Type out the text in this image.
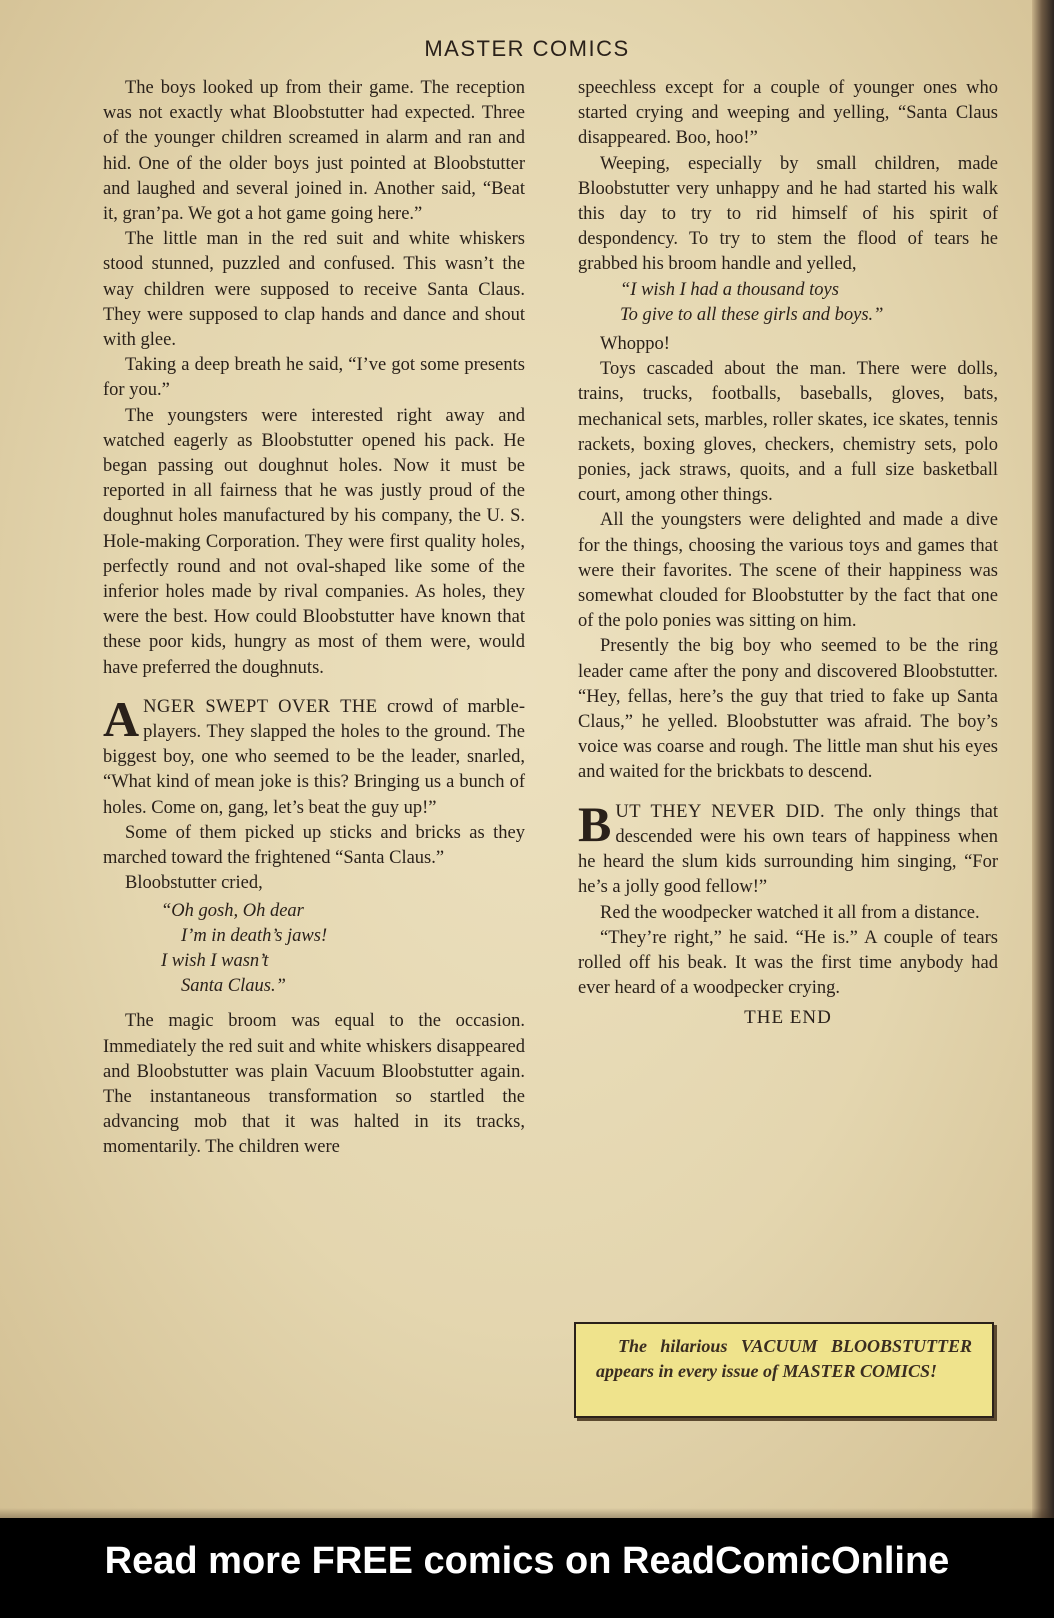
MASTER COMICS

The boys looked up from their game. The reception was not exactly what Bloobstutter had expected. Three of the younger children screamed in alarm and ran and hid. One of the older boys just pointed at Bloobstutter and laughed and several joined in. Another said, “Beat it, gran’pa. We got a hot game going here.”

The little man in the red suit and white whiskers stood stunned, puzzled and confused. This wasn’t the way children were supposed to receive Santa Claus. They were supposed to clap hands and dance and shout with glee.

Taking a deep breath he said, “I’ve got some presents for you.”

The youngsters were interested right away and watched eagerly as Bloobstutter opened his pack. He began passing out doughnut holes. Now it must be reported in all fairness that he was justly proud of the doughnut holes manufactured by his company, the U. S. Hole-making Corporation. They were first quality holes, perfectly round and not oval-shaped like some of the inferior holes made by rival companies. As holes, they were the best. How could Bloobstutter have known that these poor kids, hungry as most of them were, would have preferred the doughnuts.

ANGER SWEPT OVER THE crowd of marble-players. They slapped the holes to the ground. The biggest boy, one who seemed to be the leader, snarled, “What kind of mean joke is this? Bringing us a bunch of holes. Come on, gang, let’s beat the guy up!”

Some of them picked up sticks and bricks as they marched toward the frightened “Santa Claus.”

Bloobstutter cried,

“Oh gosh, Oh dear
I’m in death’s jaws!
I wish I wasn’t
Santa Claus.”

The magic broom was equal to the occasion. Immediately the red suit and white whiskers disappeared and Bloobstutter was plain Vacuum Bloobstutter again. The instantaneous transformation so startled the advancing mob that it was halted in its tracks, momentarily. The children were

speechless except for a couple of younger ones who started crying and weeping and yelling, “Santa Claus disappeared. Boo, hoo!”

Weeping, especially by small children, made Bloobstutter very unhappy and he had started his walk this day to try to rid himself of his spirit of despondency. To try to stem the flood of tears he grabbed his broom handle and yelled,

“I wish I had a thousand toys
To give to all these girls and boys.”

Whoppo!

Toys cascaded about the man. There were dolls, trains, trucks, footballs, baseballs, gloves, bats, mechanical sets, marbles, roller skates, ice skates, tennis rackets, boxing gloves, checkers, chemistry sets, polo ponies, jack straws, quoits, and a full size basketball court, among other things.

All the youngsters were delighted and made a dive for the things, choosing the various toys and games that were their favorites. The scene of their happiness was somewhat clouded for Bloobstutter by the fact that one of the polo ponies was sitting on him.

Presently the big boy who seemed to be the ring leader came after the pony and discovered Bloobstutter. “Hey, fellas, here’s the guy that tried to fake up Santa Claus,” he yelled. Bloobstutter was afraid. The boy’s voice was coarse and rough. The little man shut his eyes and waited for the brickbats to descend.

BUT THEY NEVER DID. The only things that descended were his own tears of happiness when he heard the slum kids surrounding him singing, “For he’s a jolly good fellow!”

Red the woodpecker watched it all from a distance.

“They’re right,” he said. “He is.” A couple of tears rolled off his beak. It was the first time anybody had ever heard of a woodpecker crying.

THE END

The hilarious VACUUM BLOOBSTUTTER appears in every issue of MASTER COMICS!

Read more FREE comics on ReadComicOnline
